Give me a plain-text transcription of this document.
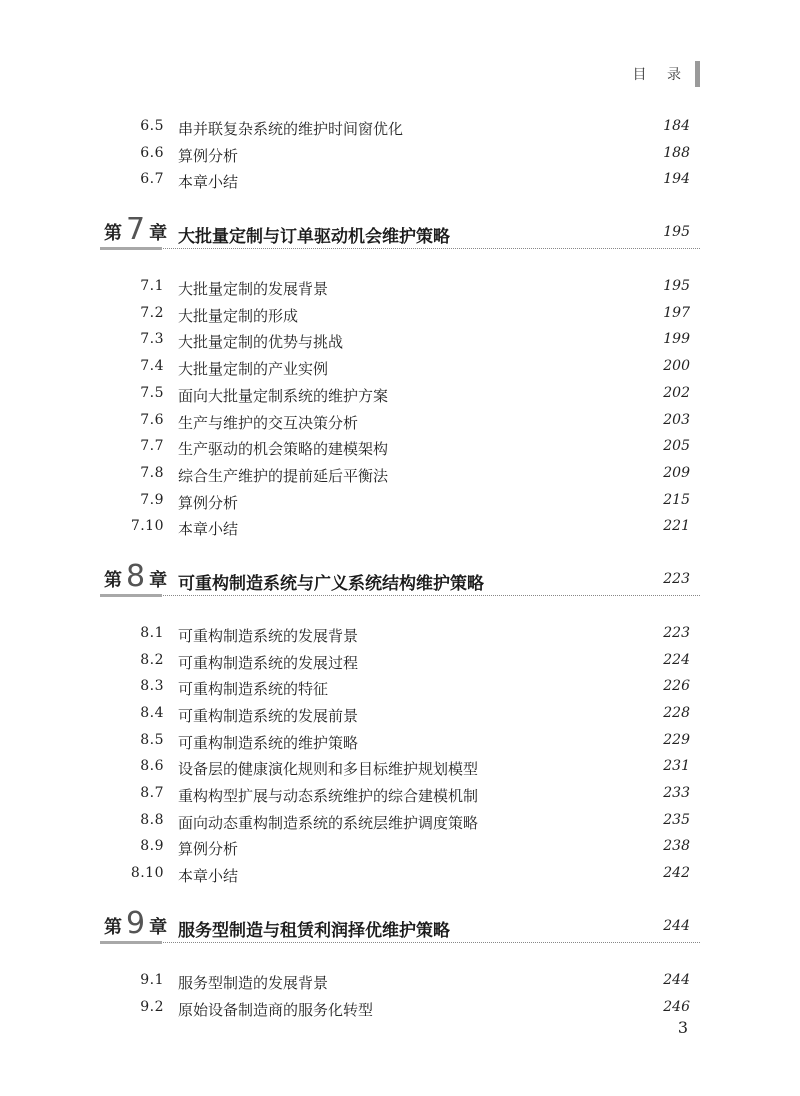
目 录
6.5 串并联复杂系统的维护时间窗优化	184
6.6 算例分析	188
6.7 本章小结	194
第 7 章 大批量定制与订单驱动机会维护策略	195
7.1 大批量定制的发展背景	195
7.2 大批量定制的形成	197
7.3 大批量定制的优势与挑战	199
7.4 大批量定制的产业实例	200
7.5 面向大批量定制系统的维护方案	202
7.6 生产与维护的交互决策分析	203
7.7 生产驱动的机会策略的建模架构	205
7.8 综合生产维护的提前延后平衡法	209
7.9 算例分析	215
7.10 本章小结	221
第 8 章 可重构制造系统与广义系统结构维护策略	223
8.1 可重构制造系统的发展背景	223
8.2 可重构制造系统的发展过程	224
8.3 可重构制造系统的特征	226
8.4 可重构制造系统的发展前景	228
8.5 可重构制造系统的维护策略	229
8.6 设备层的健康演化规则和多目标维护规划模型	231
8.7 重构构型扩展与动态系统维护的综合建模机制	233
8.8 面向动态重构制造系统的系统层维护调度策略	235
8.9 算例分析	238
8.10 本章小结	242
第 9 章 服务型制造与租赁利润择优维护策略	244
9.1 服务型制造的发展背景	244
9.2 原始设备制造商的服务化转型	246
3
